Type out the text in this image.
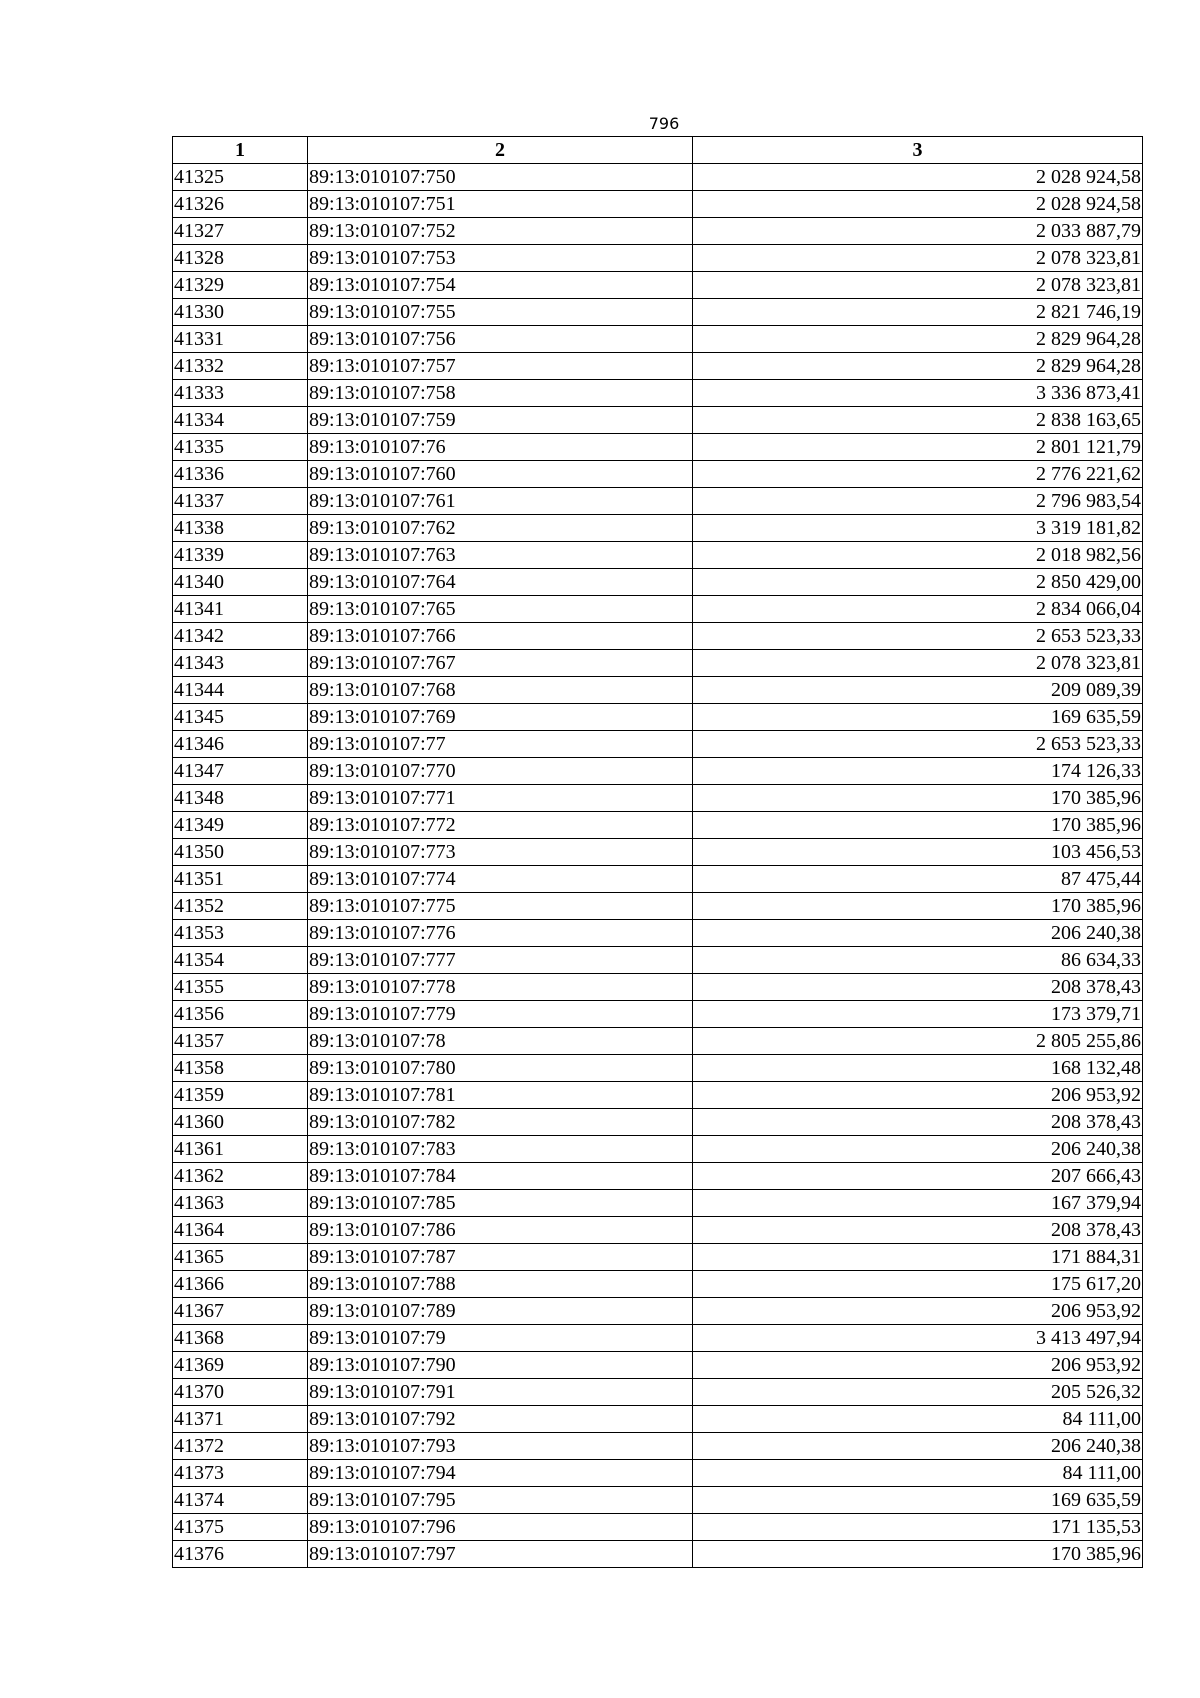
796
1	2	3
41325	89:13:010107:750	2 028 924,58
41326	89:13:010107:751	2 028 924,58
41327	89:13:010107:752	2 033 887,79
41328	89:13:010107:753	2 078 323,81
41329	89:13:010107:754	2 078 323,81
41330	89:13:010107:755	2 821 746,19
41331	89:13:010107:756	2 829 964,28
41332	89:13:010107:757	2 829 964,28
41333	89:13:010107:758	3 336 873,41
41334	89:13:010107:759	2 838 163,65
41335	89:13:010107:76	2 801 121,79
41336	89:13:010107:760	2 776 221,62
41337	89:13:010107:761	2 796 983,54
41338	89:13:010107:762	3 319 181,82
41339	89:13:010107:763	2 018 982,56
41340	89:13:010107:764	2 850 429,00
41341	89:13:010107:765	2 834 066,04
41342	89:13:010107:766	2 653 523,33
41343	89:13:010107:767	2 078 323,81
41344	89:13:010107:768	209 089,39
41345	89:13:010107:769	169 635,59
41346	89:13:010107:77	2 653 523,33
41347	89:13:010107:770	174 126,33
41348	89:13:010107:771	170 385,96
41349	89:13:010107:772	170 385,96
41350	89:13:010107:773	103 456,53
41351	89:13:010107:774	87 475,44
41352	89:13:010107:775	170 385,96
41353	89:13:010107:776	206 240,38
41354	89:13:010107:777	86 634,33
41355	89:13:010107:778	208 378,43
41356	89:13:010107:779	173 379,71
41357	89:13:010107:78	2 805 255,86
41358	89:13:010107:780	168 132,48
41359	89:13:010107:781	206 953,92
41360	89:13:010107:782	208 378,43
41361	89:13:010107:783	206 240,38
41362	89:13:010107:784	207 666,43
41363	89:13:010107:785	167 379,94
41364	89:13:010107:786	208 378,43
41365	89:13:010107:787	171 884,31
41366	89:13:010107:788	175 617,20
41367	89:13:010107:789	206 953,92
41368	89:13:010107:79	3 413 497,94
41369	89:13:010107:790	206 953,92
41370	89:13:010107:791	205 526,32
41371	89:13:010107:792	84 111,00
41372	89:13:010107:793	206 240,38
41373	89:13:010107:794	84 111,00
41374	89:13:010107:795	169 635,59
41375	89:13:010107:796	171 135,53
41376	89:13:010107:797	170 385,96
